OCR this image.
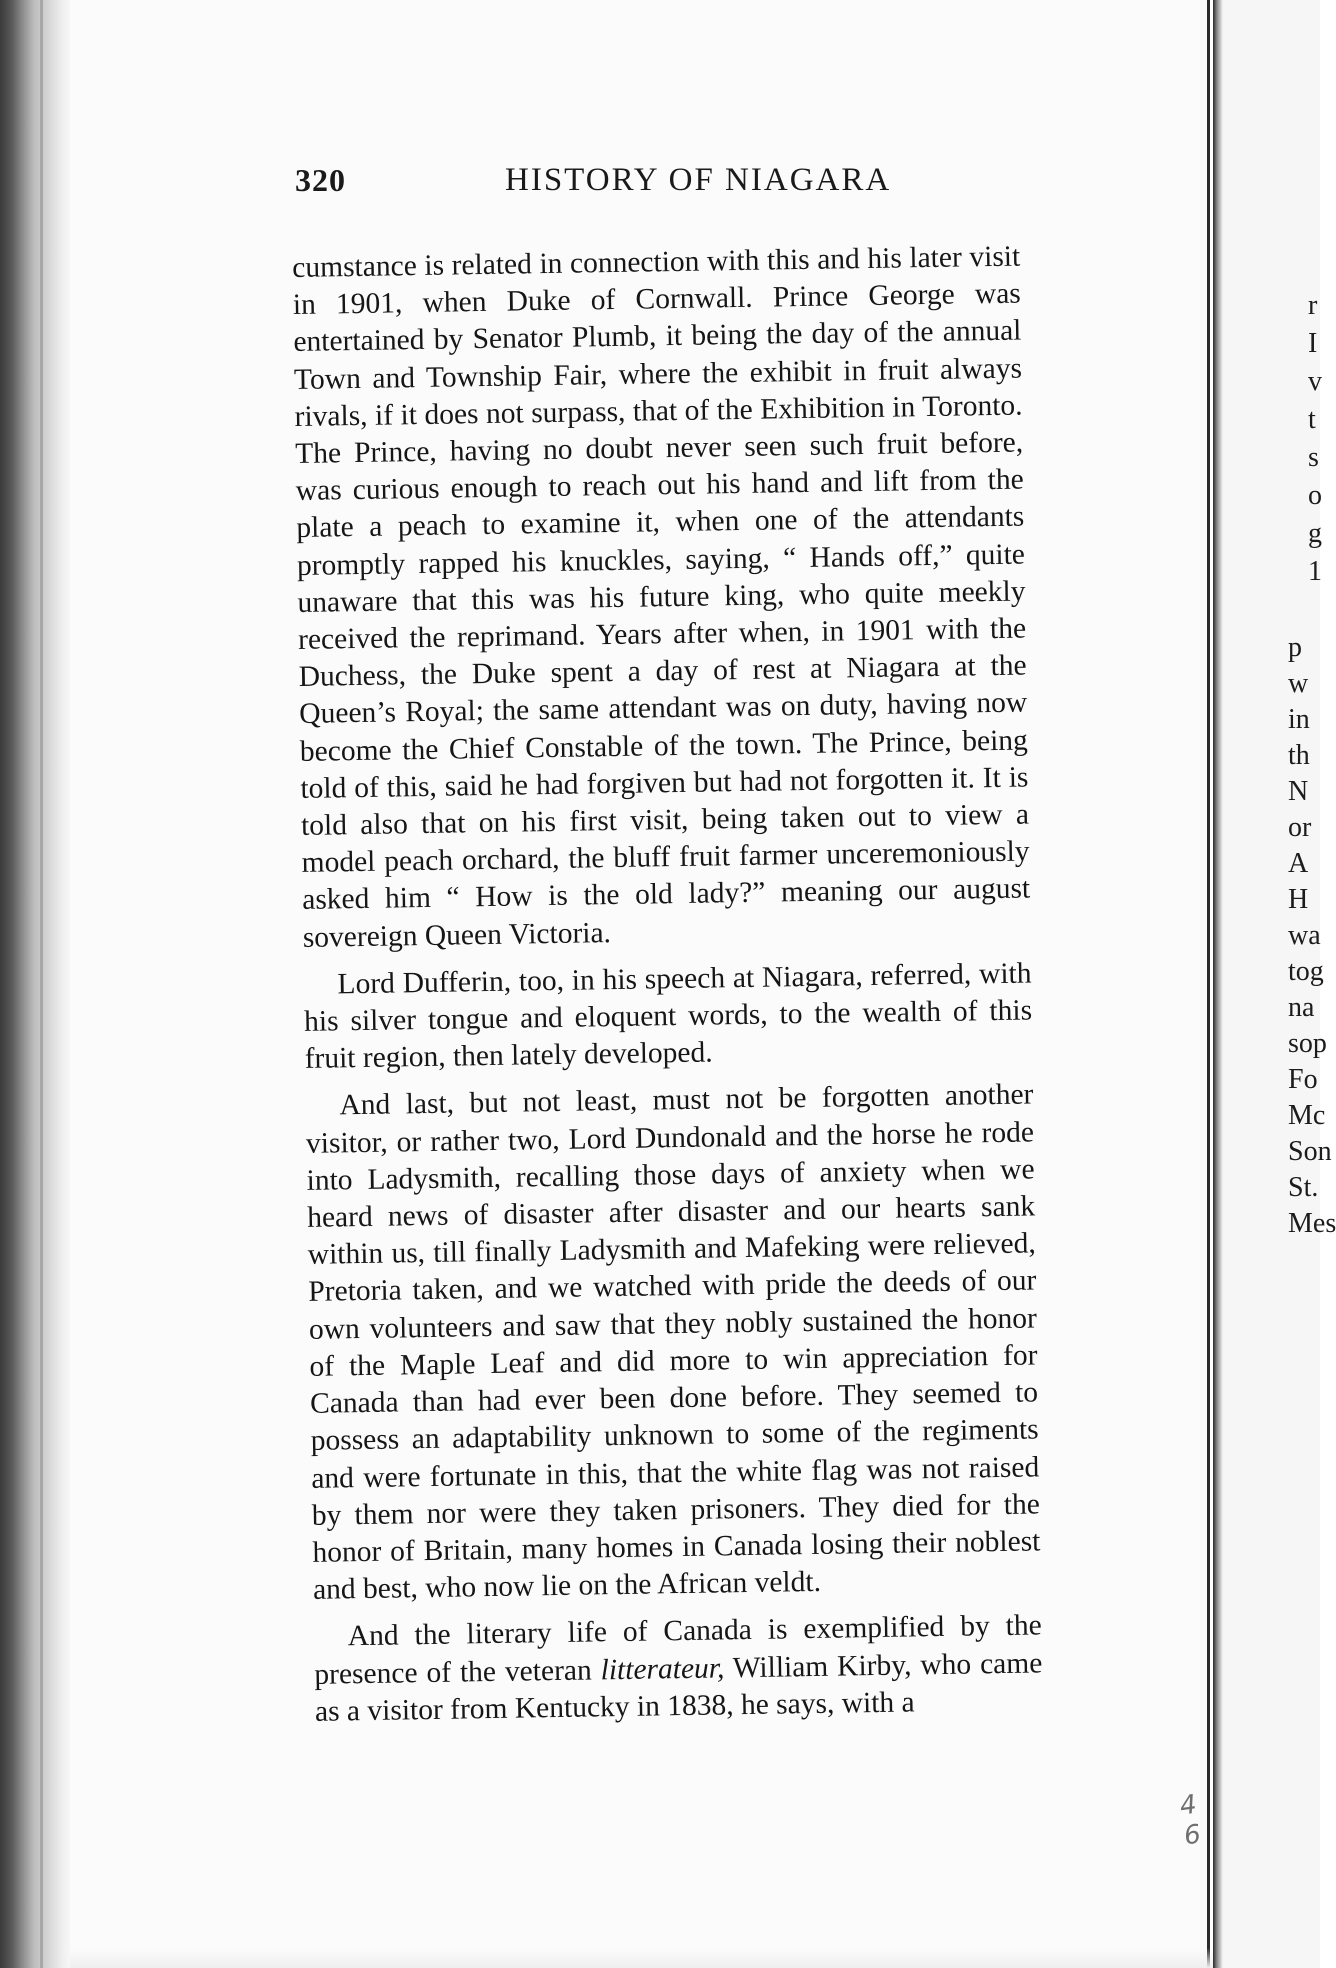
320	HISTORY OF NIAGARA

cumstance is related in connection with this and his later visit in 1901, when Duke of Cornwall. Prince George was entertained by Senator Plumb, it being the day of the annual Town and Township Fair, where the exhibit in fruit always rivals, if it does not surpass, that of the Exhibition in Toronto. The Prince, having no doubt never seen such fruit before, was curious enough to reach out his hand and lift from the plate a peach to examine it, when one of the attendants promptly rapped his knuckles, saying, “ Hands off,” quite unaware that this was his future king, who quite meekly received the reprimand. Years after when, in 1901 with the Duchess, the Duke spent a day of rest at Niagara at the Queen’s Royal; the same attendant was on duty, having now become the Chief Constable of the town. The Prince, being told of this, said he had forgiven but had not forgotten it. It is told also that on his first visit, being taken out to view a model peach orchard, the bluff fruit farmer unceremoniously asked him “ How is the old lady?” meaning our august sovereign Queen Victoria.

Lord Dufferin, too, in his speech at Niagara, referred, with his silver tongue and eloquent words, to the wealth of this fruit region, then lately developed.

And last, but not least, must not be forgotten another visitor, or rather two, Lord Dundonald and the horse he rode into Ladysmith, recalling those days of anxiety when we heard news of disaster after disaster and our hearts sank within us, till finally Ladysmith and Mafeking were relieved, Pretoria taken, and we watched with pride the deeds of our own volunteers and saw that they nobly sustained the honor of the Maple Leaf and did more to win appreciation for Canada than had ever been done before. They seemed to possess an adaptability unknown to some of the regiments and were fortunate in this, that the white flag was not raised by them nor were they taken prisoners. They died for the honor of Britain, many homes in Canada losing their noblest and best, who now lie on the African veldt.

And the literary life of Canada is exemplified by the presence of the veteran litterateur, William Kirby, who came as a visitor from Kentucky in 1838, he says, with a

4 6
r
I
v
t
s
o
g
1
p
w
in
th
N
or
A
H
wa
tog
na
sop
Fo
Mc
Son
St.
Mes
